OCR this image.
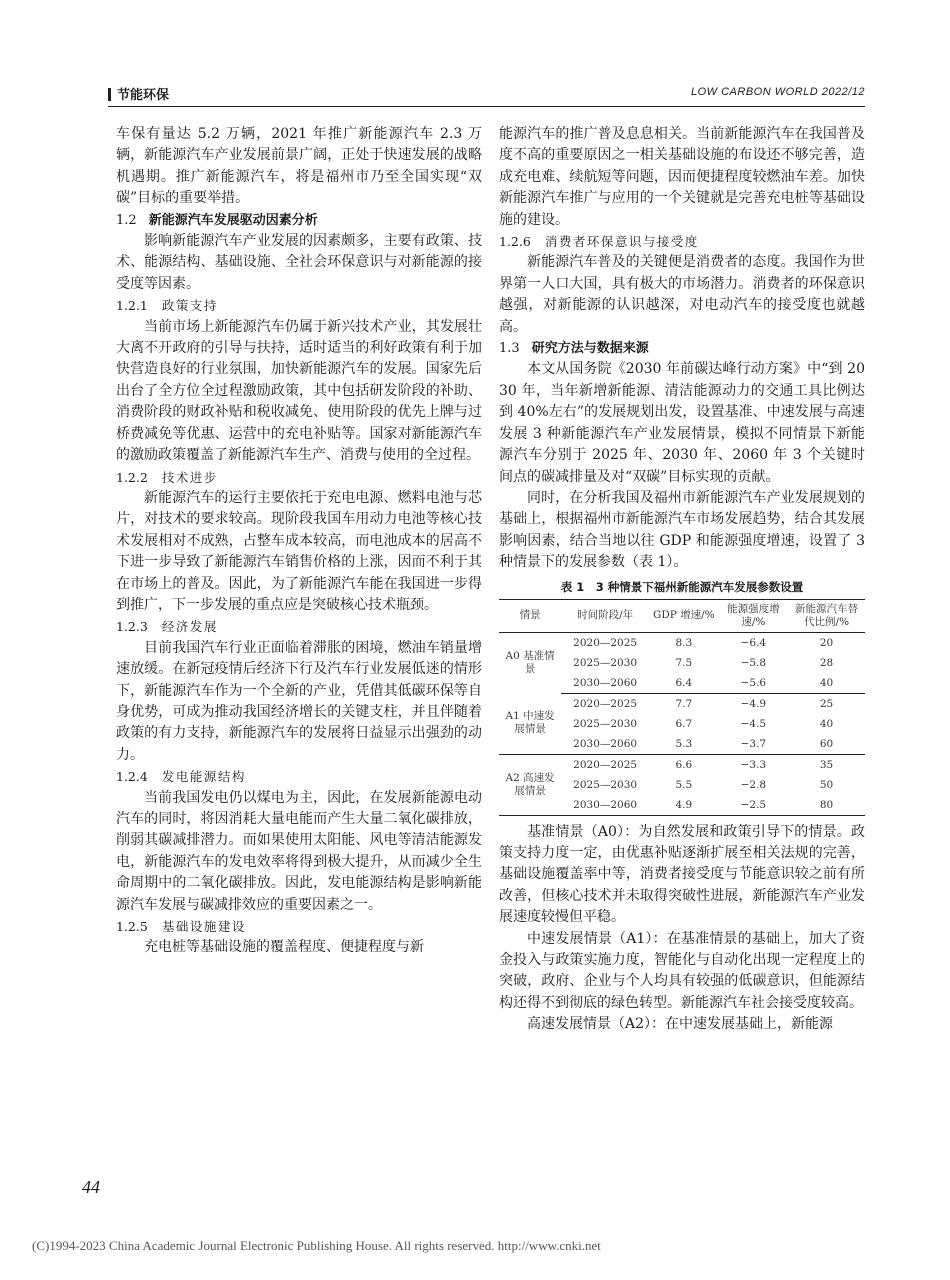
节能环保	LOW CARBON WORLD 2022/12

车保有量达 5.2 万辆，2021 年推广新能源汽车 2.3 万辆，新能源汽车产业发展前景广阔，正处于快速发展的战略机遇期。推广新能源汽车，将是福州市乃至全国实现“双碳”目标的重要举措。

1.2 新能源汽车发展驱动因素分析

影响新能源汽车产业发展的因素颇多，主要有政策、技术、能源结构、基础设施、全社会环保意识与对新能源的接受度等因素。

1.2.1 政策支持

当前市场上新能源汽车仍属于新兴技术产业，其发展壮大离不开政府的引导与扶持，适时适当的利好政策有利于加快营造良好的行业氛围，加快新能源汽车的发展。国家先后出台了全方位全过程激励政策，其中包括研发阶段的补助、消费阶段的财政补贴和税收减免、使用阶段的优先上牌与过桥费减免等优惠、运营中的充电补贴等。国家对新能源汽车的激励政策覆盖了新能源汽车生产、消费与使用的全过程。

1.2.2 技术进步

新能源汽车的运行主要依托于充电电源、燃料电池与芯片，对技术的要求较高。现阶段我国车用动力电池等核心技术发展相对不成熟，占整车成本较高，而电池成本的居高不下进一步导致了新能源汽车销售价格的上涨，因而不利于其在市场上的普及。因此，为了新能源汽车能在我国进一步得到推广，下一步发展的重点应是突破核心技术瓶颈。

1.2.3 经济发展

目前我国汽车行业正面临着滞胀的困境，燃油车销量增速放缓。在新冠疫情后经济下行及汽车行业发展低迷的情形下，新能源汽车作为一个全新的产业，凭借其低碳环保等自身优势，可成为推动我国经济增长的关键支柱，并且伴随着政策的有力支持，新能源汽车的发展将日益显示出强劲的动力。

1.2.4 发电能源结构

当前我国发电仍以煤电为主，因此，在发展新能源电动汽车的同时，将因消耗大量电能而产生大量二氧化碳排放，削弱其碳减排潜力。而如果使用太阳能、风电等清洁能源发电，新能源汽车的发电效率将得到极大提升，从而减少全生命周期中的二氧化碳排放。因此，发电能源结构是影响新能源汽车发展与碳减排效应的重要因素之一。

1.2.5 基础设施建设

充电桩等基础设施的覆盖程度、便捷程度与新

能源汽车的推广普及息息相关。当前新能源汽车在我国普及度不高的重要原因之一相关基础设施的布设还不够完善，造成充电难、续航短等问题，因而便捷程度较燃油车差。加快新能源汽车推广与应用的一个关键就是完善充电桩等基础设施的建设。

1.2.6 消费者环保意识与接受度

新能源汽车普及的关键便是消费者的态度。我国作为世界第一人口大国，具有极大的市场潜力。消费者的环保意识越强，对新能源的认识越深，对电动汽车的接受度也就越高。

1.3 研究方法与数据来源

本文从国务院《2030 年前碳达峰行动方案》中“到 2030 年，当年新增新能源、清洁能源动力的交通工具比例达到 40%左右”的发展规划出发，设置基准、中速发展与高速发展 3 种新能源汽车产业发展情景，模拟不同情景下新能源汽车分别于 2025 年、2030 年、2060 年 3 个关键时间点的碳减排量及对“双碳”目标实现的贡献。

同时，在分析我国及福州市新能源汽车产业发展规划的基础上，根据福州市新能源汽车市场发展趋势，结合其发展影响因素，结合当地以往 GDP 和能源强度增速，设置了 3 种情景下的发展参数（表 1）。

表 1　3 种情景下福州新能源汽车发展参数设置
情景	时间阶段/年	GDP 增速/%	能源强度增速/%	新能源汽车替代比例/%
A0 基准情景	2020—2025	8.3	−6.4	20
	2025—2030	7.5	−5.8	28
	2030—2060	6.4	−5.6	40
A1 中速发展情景	2020—2025	7.7	−4.9	25
	2025—2030	6.7	−4.5	40
	2030—2060	5.3	−3.7	60
A2 高速发展情景	2020—2025	6.6	−3.3	35
	2025—2030	5.5	−2.8	50
	2030—2060	4.9	−2.5	80

基准情景（A0）：为自然发展和政策引导下的情景。政策支持力度一定，由优惠补贴逐渐扩展至相关法规的完善，基础设施覆盖率中等，消费者接受度与节能意识较之前有所改善，但核心技术并未取得突破性进展，新能源汽车产业发展速度较慢但平稳。

中速发展情景（A1）：在基准情景的基础上，加大了资金投入与政策实施力度，智能化与自动化出现一定程度上的突破，政府、企业与个人均具有较强的低碳意识，但能源结构还得不到彻底的绿色转型。新能源汽车社会接受度较高。

高速发展情景（A2）：在中速发展基础上，新能源

44
(C)1994-2023 China Academic Journal Electronic Publishing House. All rights reserved. http://www.cnki.net
